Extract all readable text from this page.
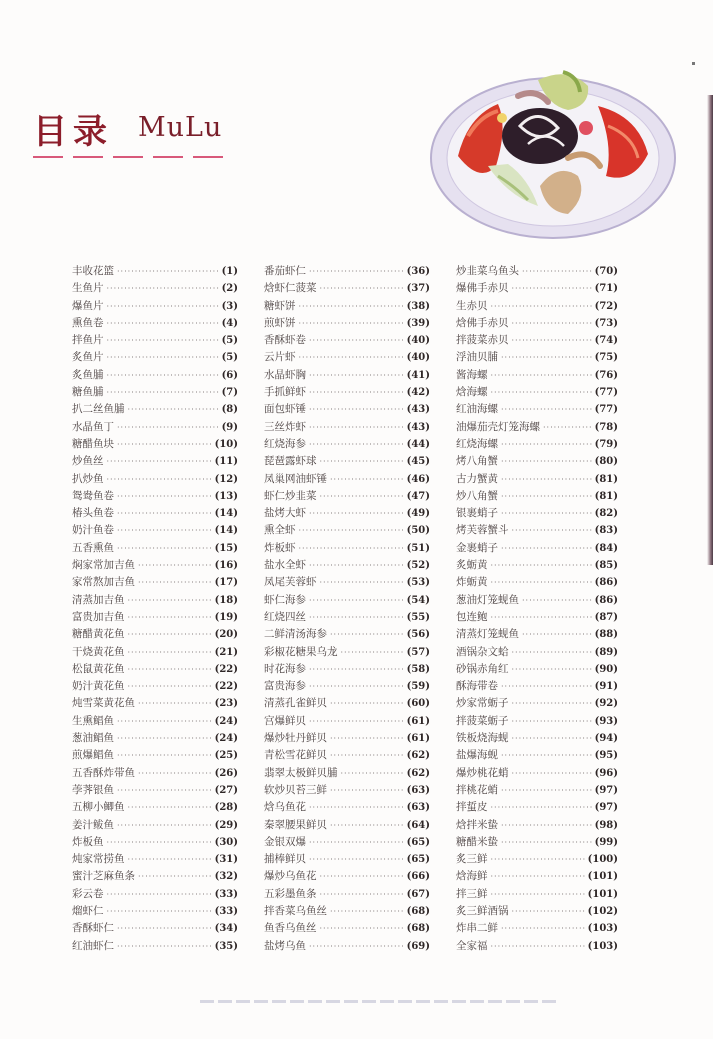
目录 MuLu
丰收花篮 ·····	(1)
生鱼片 ·····	(2)
爆鱼片 ·····	(3)
熏鱼卷 ·····	(4)
拌鱼片 ·····	(5)
炙鱼片 ·····	(5)
炙鱼脯 ·····	(6)
糖鱼脯 ·····	(7)
扒二丝鱼脯 ·····	(8)
水晶鱼丁 ·····	(9)
糖醋鱼块 ·····	(10)
炒鱼丝 ·····	(11)
扒炒鱼 ·····	(12)
鸳鸯鱼卷 ·····	(13)
椿头鱼卷 ·····	(14)
奶汁鱼卷 ·····	(14)
五香熏鱼 ·····	(15)
焖家常加吉鱼 ·····	(16)
家常熬加吉鱼 ·····	(17)
清蒸加吉鱼 ·····	(18)
富贵加吉鱼 ·····	(19)
糖醋黄花鱼 ·····	(20)
干烧黄花鱼 ·····	(21)
松鼠黄花鱼 ·····	(22)
奶汁黄花鱼 ·····	(22)
炖雪菜黄花鱼 ·····	(23)
生熏鲳鱼 ·····	(24)
葱油鲳鱼 ·····	(24)
煎爆鲳鱼 ·····	(25)
五香酥炸带鱼 ·····	(26)
荸荠银鱼 ·····	(27)
五柳小鲫鱼 ·····	(28)
姜汁鲅鱼 ·····	(29)
炸板鱼 ·····	(30)
炖家常捞鱼 ·····	(31)
蜜汁芝麻鱼条 ·····	(32)
彩云卷 ·····	(33)
熘虾仁 ·····	(33)
香酥虾仁 ·····	(34)
红油虾仁 ·····	(35)
番茄虾仁 ·····	(36)
焓虾仁菠菜 ·····	(37)
糖虾饼 ·····	(38)
煎虾饼 ·····	(39)
香酥虾卷 ·····	(40)
云片虾 ·····	(40)
水晶虾胸 ·····	(41)
手抓鲜虾 ·····	(42)
面包虾锤 ·····	(43)
三丝炸虾 ·····	(43)
红烧海参 ·····	(44)
琵琶露虾球 ·····	(45)
凤巢网油虾锤 ·····	(46)
虾仁炒韭菜 ·····	(47)
盐烤大虾 ·····	(49)
熏全虾 ·····	(50)
炸板虾 ·····	(51)
盐水全虾 ·····	(52)
凤尾芙蓉虾 ·····	(53)
虾仁海参 ·····	(54)
红烧四丝 ·····	(55)
二鲜清汤海参 ·····	(56)
彩椒花糖果乌龙 ·····	(57)
时花海参 ·····	(58)
富贵海参 ·····	(59)
清蒸孔雀鲜贝 ·····	(60)
宫爆鲜贝 ·····	(61)
爆炒牡丹鲜贝 ·····	(61)
青松雪花鲜贝 ·····	(62)
翡翠太极鲜贝脯 ·····	(62)
软炒贝苔三鲜 ·····	(63)
焓乌鱼花 ·····	(63)
秦翠腰果鲜贝 ·····	(64)
金银双爆 ·····	(65)
捕棒鲜贝 ·····	(65)
爆炒乌鱼花 ·····	(66)
五彩墨鱼条 ·····	(67)
拌香菜乌鱼丝 ·····	(68)
鱼香乌鱼丝 ·····	(68)
盐烤乌鱼 ·····	(69)
炒韭菜乌鱼头 ·····	(70)
爆佛手赤贝 ·····	(71)
生赤贝 ·····	(72)
焓佛手赤贝 ·····	(73)
拌菠菜赤贝 ·····	(74)
浮油贝脯 ·····	(75)
酱海螺 ·····	(76)
焓海螺 ·····	(77)
红油海螺 ·····	(77)
油爆茄壳灯笼海螺 ·····	(78)
红烧海螺 ·····	(79)
烤八角蟹 ·····	(80)
古力蟹黄 ·····	(81)
炒八角蟹 ·····	(81)
银裹蛸子 ·····	(82)
烤芙蓉蟹斗 ·····	(83)
金裹蛸子 ·····	(84)
炙蛎黄 ·····	(85)
炸蛎黄 ·····	(86)
葱油灯笼蚬鱼 ·····	(86)
包连鲍 ·····	(87)
清蒸灯笼蚬鱼 ·····	(88)
酒锅杂文蛤 ·····	(89)
砂锅赤角红 ·····	(90)
酥海带卷 ·····	(91)
炒家常蛎子 ·····	(92)
拌菠菜蛎子 ·····	(93)
铁板烧海蚬 ·····	(94)
盐爆海蚬 ·····	(95)
爆炒桃花蛸 ·····	(96)
拌桃花蛸 ·····	(97)
拌蜇皮 ·····	(97)
焓拌米蛰 ·····	(98)
糖醋米蛰 ·····	(99)
炙三鲜 ·····	(100)
焓海鲜 ·····	(101)
拌三鲜 ·····	(101)
炙三鲜酒锅 ·····	(102)
炸串二鲜 ·····	(103)
全家福 ·····	(103)
